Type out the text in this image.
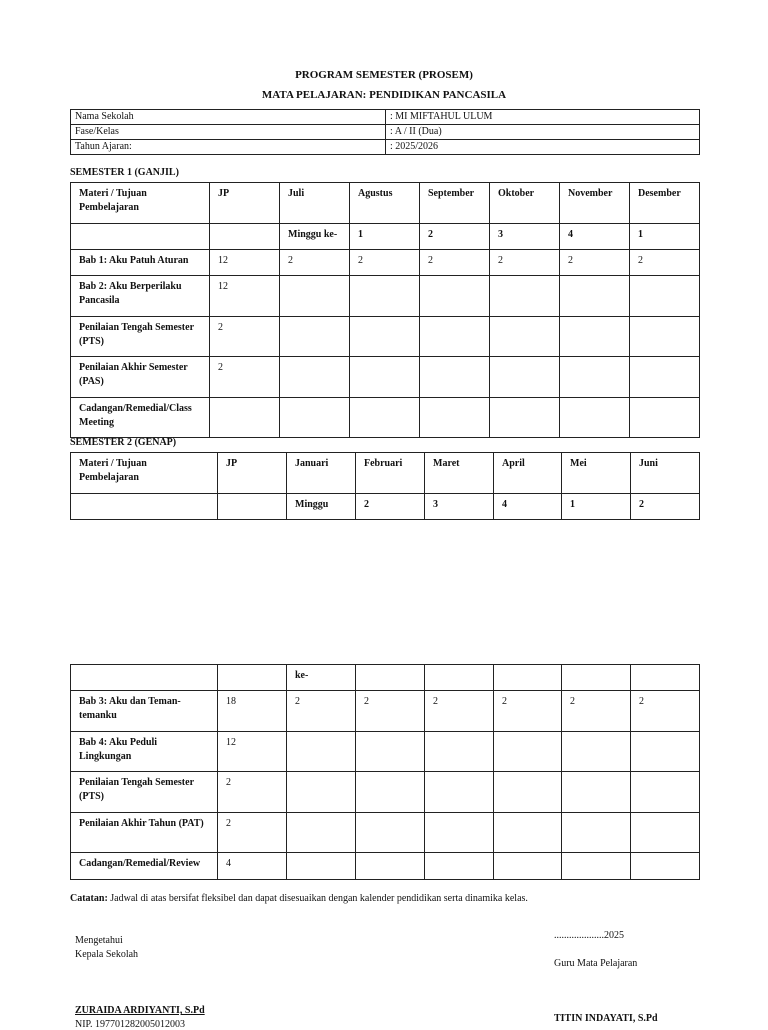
PROGRAM SEMESTER (PROSEM)
MATA PELAJARAN: PENDIDIKAN PANCASILA
Nama Sekolah	: MI MIFTAHUL ULUM
Fase/Kelas	: A / II (Dua)
Tahun Ajaran:	: 2025/2026
SEMESTER 1 (GANJIL)
Materi / Tujuan Pembelajaran	JP	Juli	Agustus	September	Oktober	November	Desember
		Minggu ke-	1	2	3	4	1
Bab 1: Aku Patuh Aturan	12	2	2	2	2	2	2
Bab 2: Aku Berperilaku Pancasila	12						
Penilaian Tengah Semester (PTS)	2						
Penilaian Akhir Semester (PAS)	2						
Cadangan/Remedial/Class Meeting							
SEMESTER 2 (GENAP)
Materi / Tujuan Pembelajaran	JP	Januari	Februari	Maret	April	Mei	Juni
		Minggu	2	3	4	1	2
		ke-					
Bab 3: Aku dan Teman-temanku	18	2	2	2	2	2	2
Bab 4: Aku Peduli Lingkungan	12						
Penilaian Tengah Semester (PTS)	2						
Penilaian Akhir Tahun (PAT)	2						
Cadangan/Remedial/Review	4						
Catatan: Jadwal di atas bersifat fleksibel dan dapat disesuaikan dengan kalender pendidikan serta dinamika kelas.
Mengetahui
Kepala Sekolah
ZURAIDA ARDIYANTI, S.Pd
NIP. 197701282005012003
....................2025
Guru Mata Pelajaran
TITIN INDAYATI, S.Pd
